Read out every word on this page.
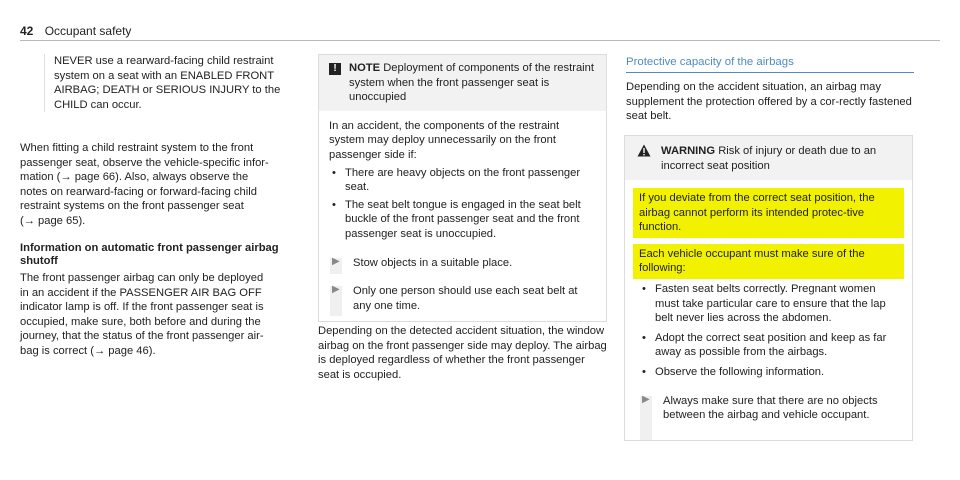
42 Occupant safety

NEVER use a rearward-facing child restraint system on a seat with an ENABLED FRONT AIRBAG; DEATH or SERIOUS INJURY to the CHILD can occur.

When fitting a child restraint system to the front

passenger seat, observe the vehicle-specific infor-

mation (→ page 66). Also, always observe the

notes on rearward-facing or forward-facing child

restraint systems on the front passenger seat

(→ page 65).

Information on automatic front passenger airbag

shutoff

The front passenger airbag can only be deployed

in an accident if the PASSENGER AIR BAG OFF

indicator lamp is off. If the front passenger seat is

occupied, make sure, both before and during the

journey, that the status of the front passenger air-

bag is correct (→ page 46).

!	NOTE Deployment of components of the restraint system when the front passenger seat is unoccupied

In an accident, the components of the restraint system may deploy unnecessarily on the front passenger side if:

• There are heavy objects on the front passenger seat.

• The seat belt tongue is engaged in the seat belt buckle of the front passenger seat and the front passenger seat is unoccupied.

▶	Stow objects in a suitable place.

▶	Only one person should use each seat belt at any one time.

Depending on the detected accident situation, the window airbag on the front passenger side may deploy. The airbag is deployed regardless of whether the front passenger seat is occupied.

Protective capacity of the airbags

Depending on the accident situation, an airbag may supplement the protection offered by a cor-rectly fastened seat belt.

WARNING Risk of injury or death due to an incorrect seat position

If you deviate from the correct seat position, the airbag cannot perform its intended protec-tive function.

Each vehicle occupant must make sure of the following:

• Fasten seat belts correctly. Pregnant women must take particular care to ensure that the lap belt never lies across the abdomen.

• Adopt the correct seat position and keep as far away as possible from the airbags.

• Observe the following information.

▶	Always make sure that there are no objects between the airbag and vehicle occupant.
